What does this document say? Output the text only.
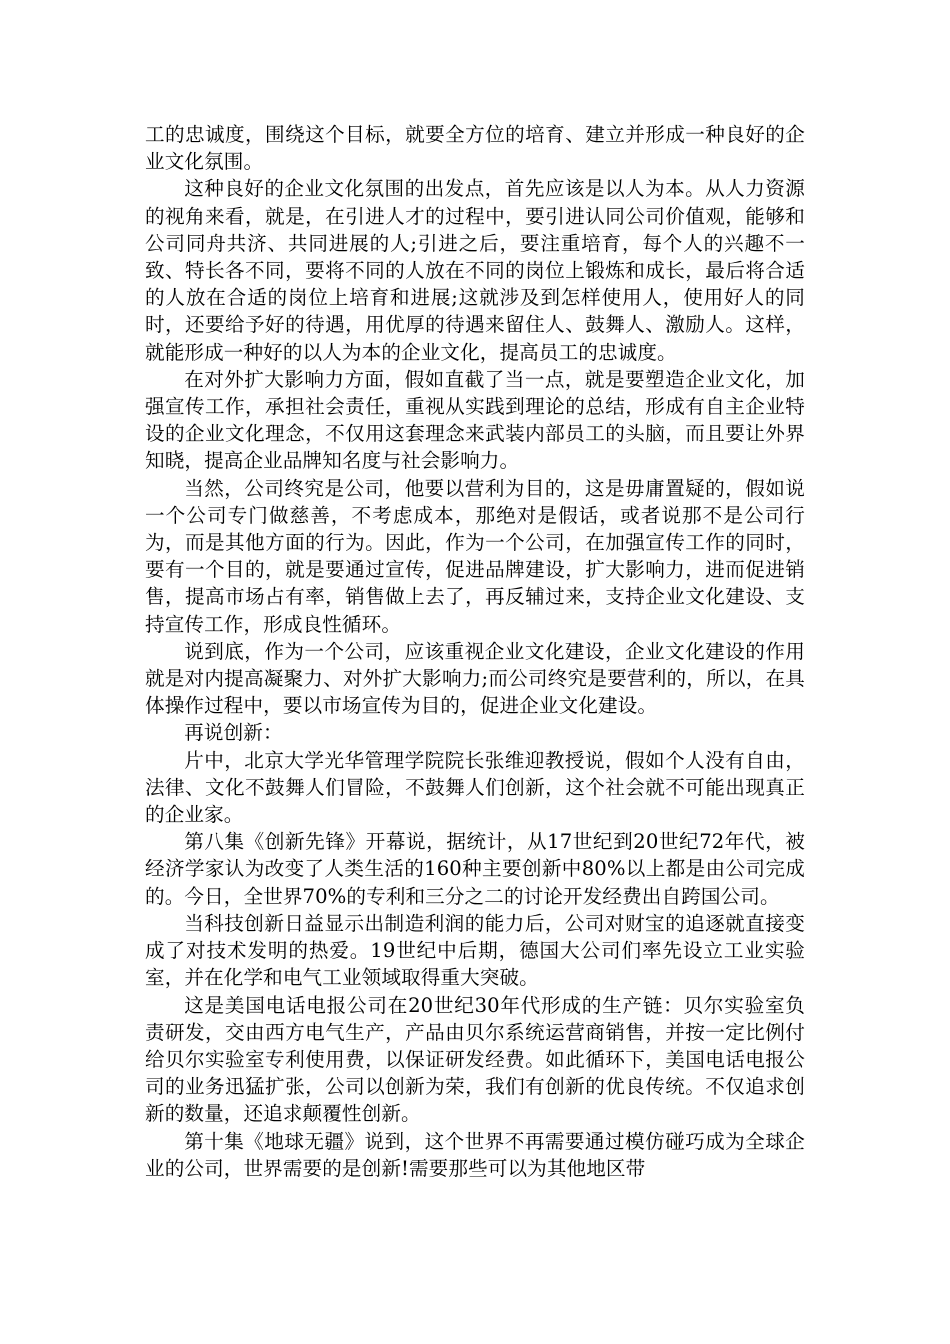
工的忠诚度，围绕这个目标，就要全方位的培育、建立并形成一种良好的企业文化氛围。

这种良好的企业文化氛围的出发点，首先应该是以人为本。从人力资源的视角来看，就是，在引进人才的过程中，要引进认同公司价值观，能够和公司同舟共济、共同进展的人;引进之后，要注重培育，每个人的兴趣不一致、特长各不同，要将不同的人放在不同的岗位上锻炼和成长，最后将合适的人放在合适的岗位上培育和进展;这就涉及到怎样使用人，使用好人的同时，还要给予好的待遇，用优厚的待遇来留住人、鼓舞人、激励人。这样，就能形成一种好的以人为本的企业文化，提高员工的忠诚度。

在对外扩大影响力方面，假如直截了当一点，就是要塑造企业文化，加强宣传工作，承担社会责任，重视从实践到理论的总结，形成有自主企业特设的企业文化理念，不仅用这套理念来武装内部员工的头脑，而且要让外界知晓，提高企业品牌知名度与社会影响力。

当然，公司终究是公司，他要以营利为目的，这是毋庸置疑的，假如说一个公司专门做慈善，不考虑成本，那绝对是假话，或者说那不是公司行为，而是其他方面的行为。因此，作为一个公司，在加强宣传工作的同时，要有一个目的，就是要通过宣传，促进品牌建设，扩大影响力，进而促进销售，提高市场占有率，销售做上去了，再反辅过来，支持企业文化建设、支持宣传工作，形成良性循环。

说到底，作为一个公司，应该重视企业文化建设，企业文化建设的作用就是对内提高凝聚力、对外扩大影响力;而公司终究是要营利的，所以，在具体操作过程中，要以市场宣传为目的，促进企业文化建设。

再说创新：

片中，北京大学光华管理学院院长张维迎教授说，假如个人没有自由，法律、文化不鼓舞人们冒险，不鼓舞人们创新，这个社会就不可能出现真正的企业家。

第八集《创新先锋》开幕说，据统计，从17世纪到20世纪72年代，被经济学家认为改变了人类生活的160种主要创新中80%以上都是由公司完成的。今日，全世界70%的专利和三分之二的讨论开发经费出自跨国公司。

当科技创新日益显示出制造利润的能力后，公司对财宝的追逐就直接变成了对技术发明的热爱。19世纪中后期，德国大公司们率先设立工业实验室，并在化学和电气工业领域取得重大突破。

这是美国电话电报公司在20世纪30年代形成的生产链：贝尔实验室负责研发，交由西方电气生产，产品由贝尔系统运营商销售，并按一定比例付给贝尔实验室专利使用费，以保证研发经费。如此循环下，美国电话电报公司的业务迅猛扩张，公司以创新为荣，我们有创新的优良传统。不仅追求创新的数量，还追求颠覆性创新。

第十集《地球无疆》说到，这个世界不再需要通过模仿碰巧成为全球企业的公司，世界需要的是创新!需要那些可以为其他地区带
